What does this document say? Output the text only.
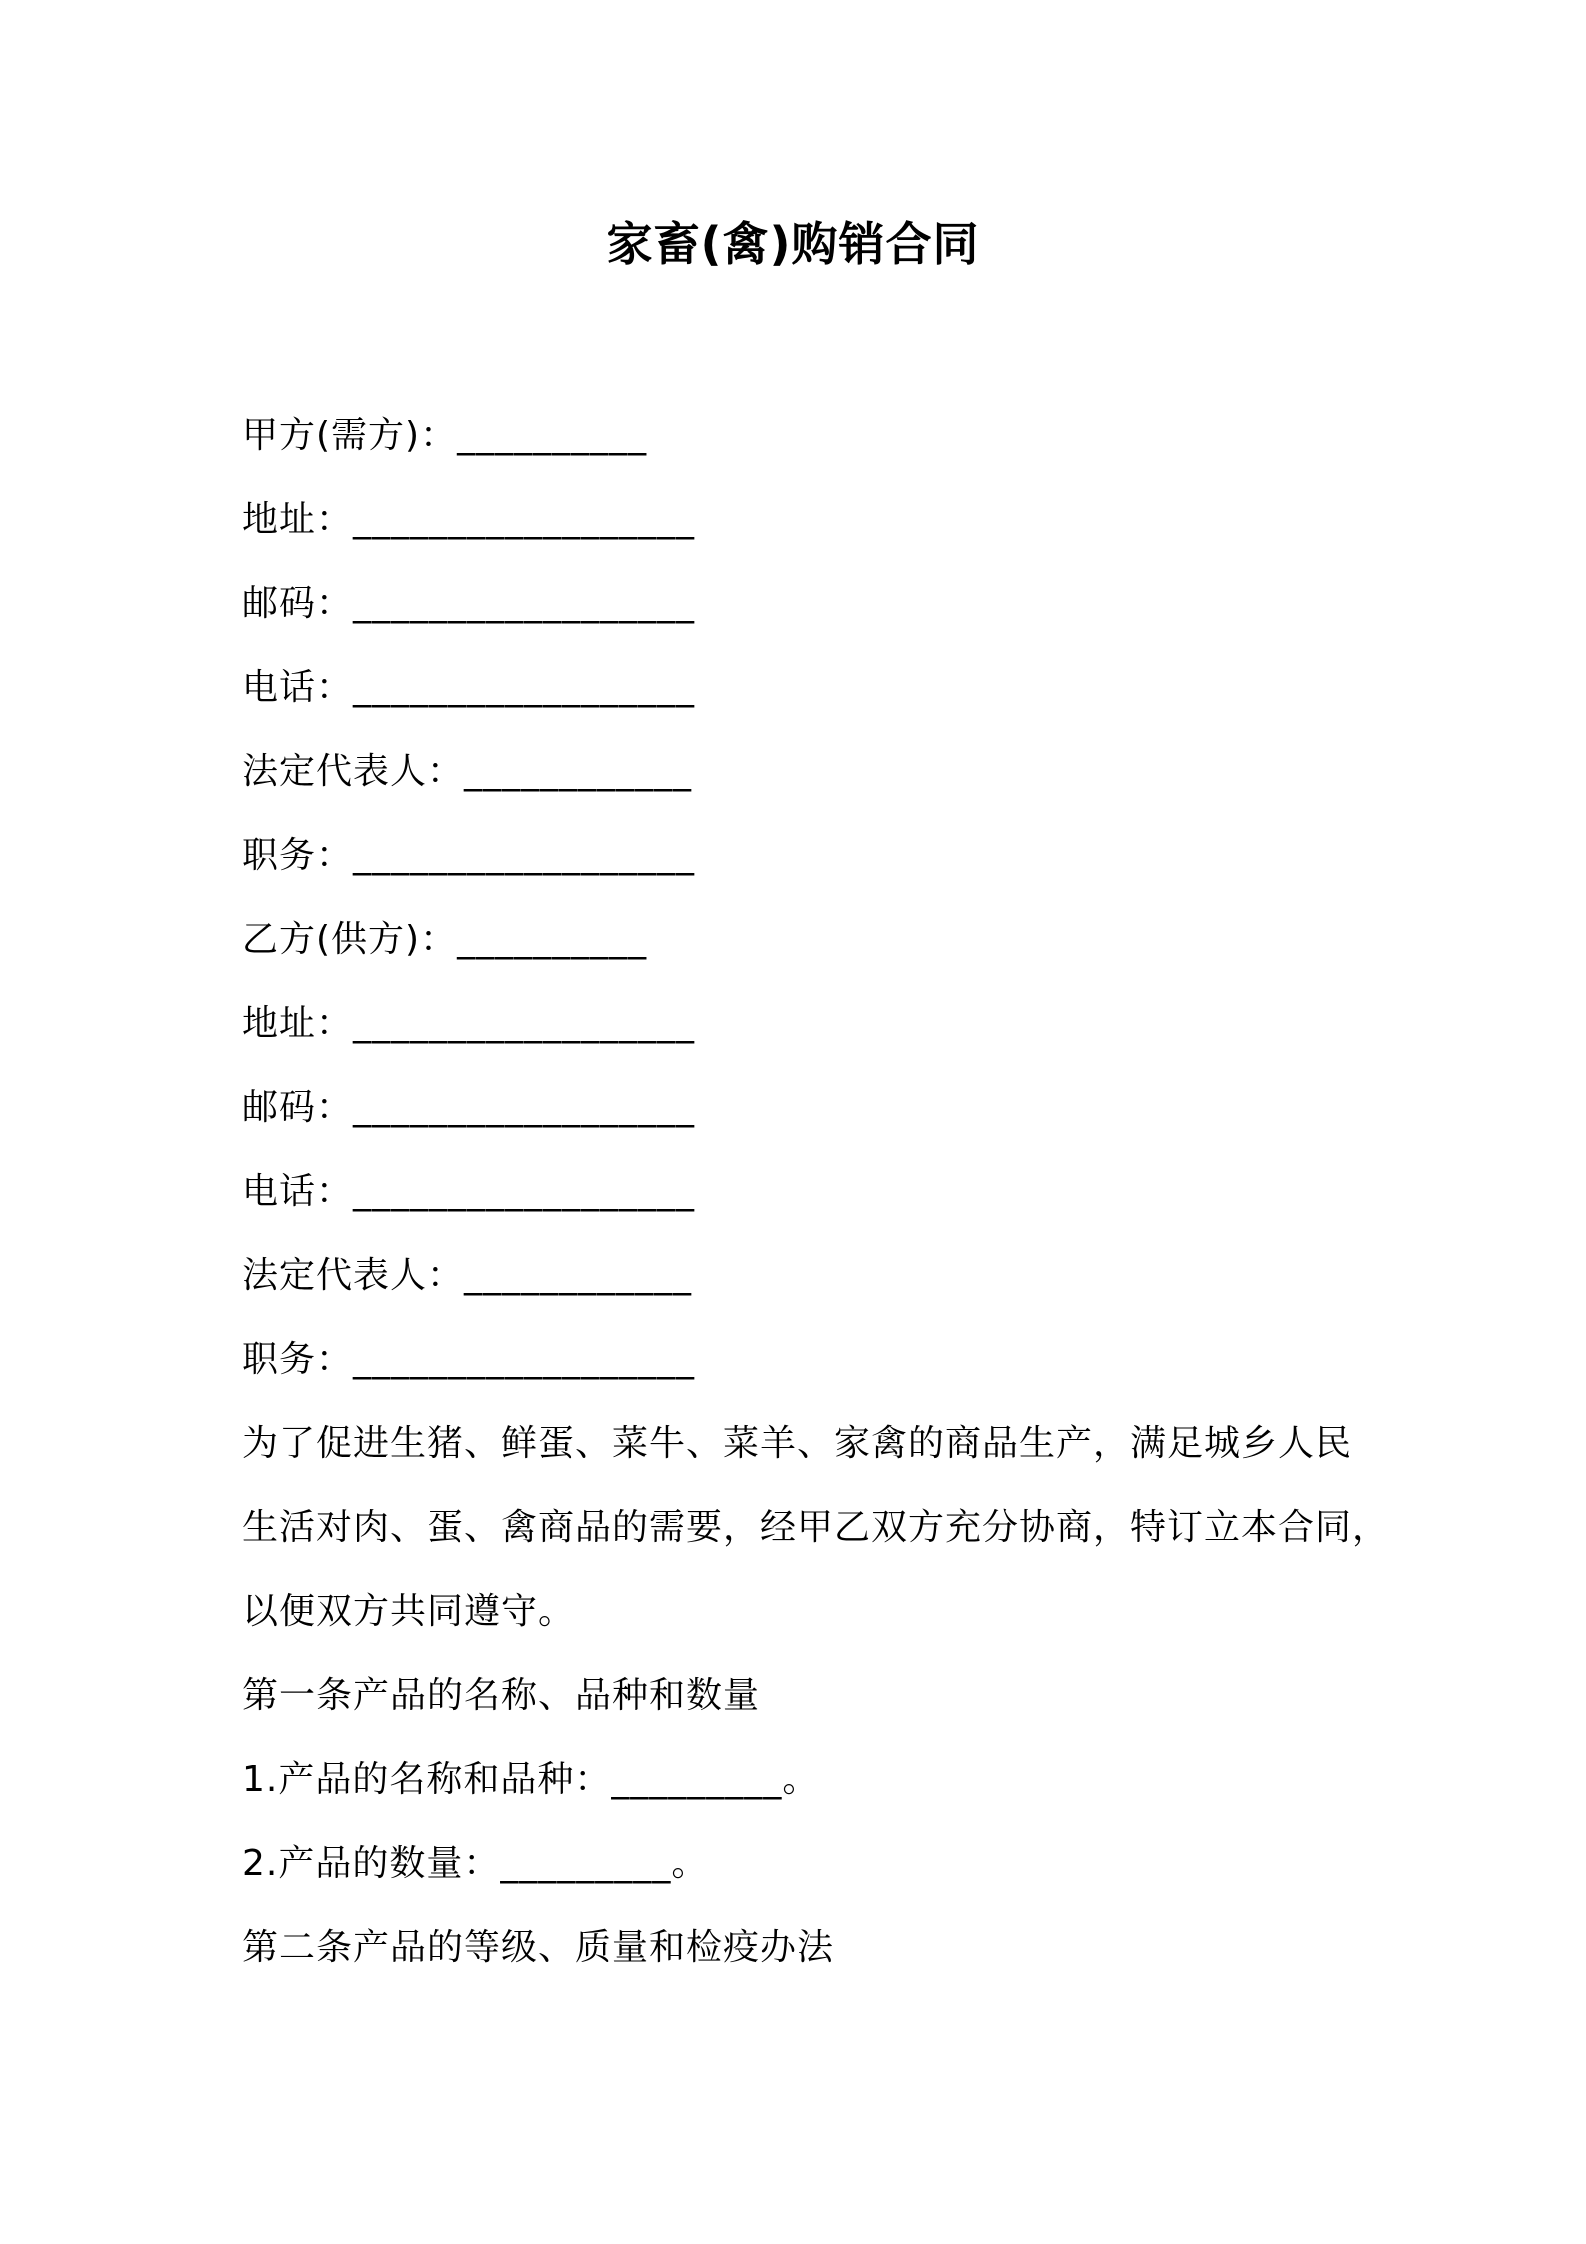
家畜(禽)购销合同
甲方(需方)：__________
地址：__________________
邮码：__________________
电话：__________________
法定代表人：____________
职务：__________________
乙方(供方)：__________
地址：__________________
邮码：__________________
电话：__________________
法定代表人：____________
职务：__________________
为了促进生猪、鲜蛋、菜牛、菜羊、家禽的商品生产，满足城乡人民
生活对肉、蛋、禽商品的需要，经甲乙双方充分协商，特订立本合同，
以便双方共同遵守。
第一条产品的名称、品种和数量
1.产品的名称和品种：_________。
2.产品的数量：_________。
第二条产品的等级、质量和检疫办法
